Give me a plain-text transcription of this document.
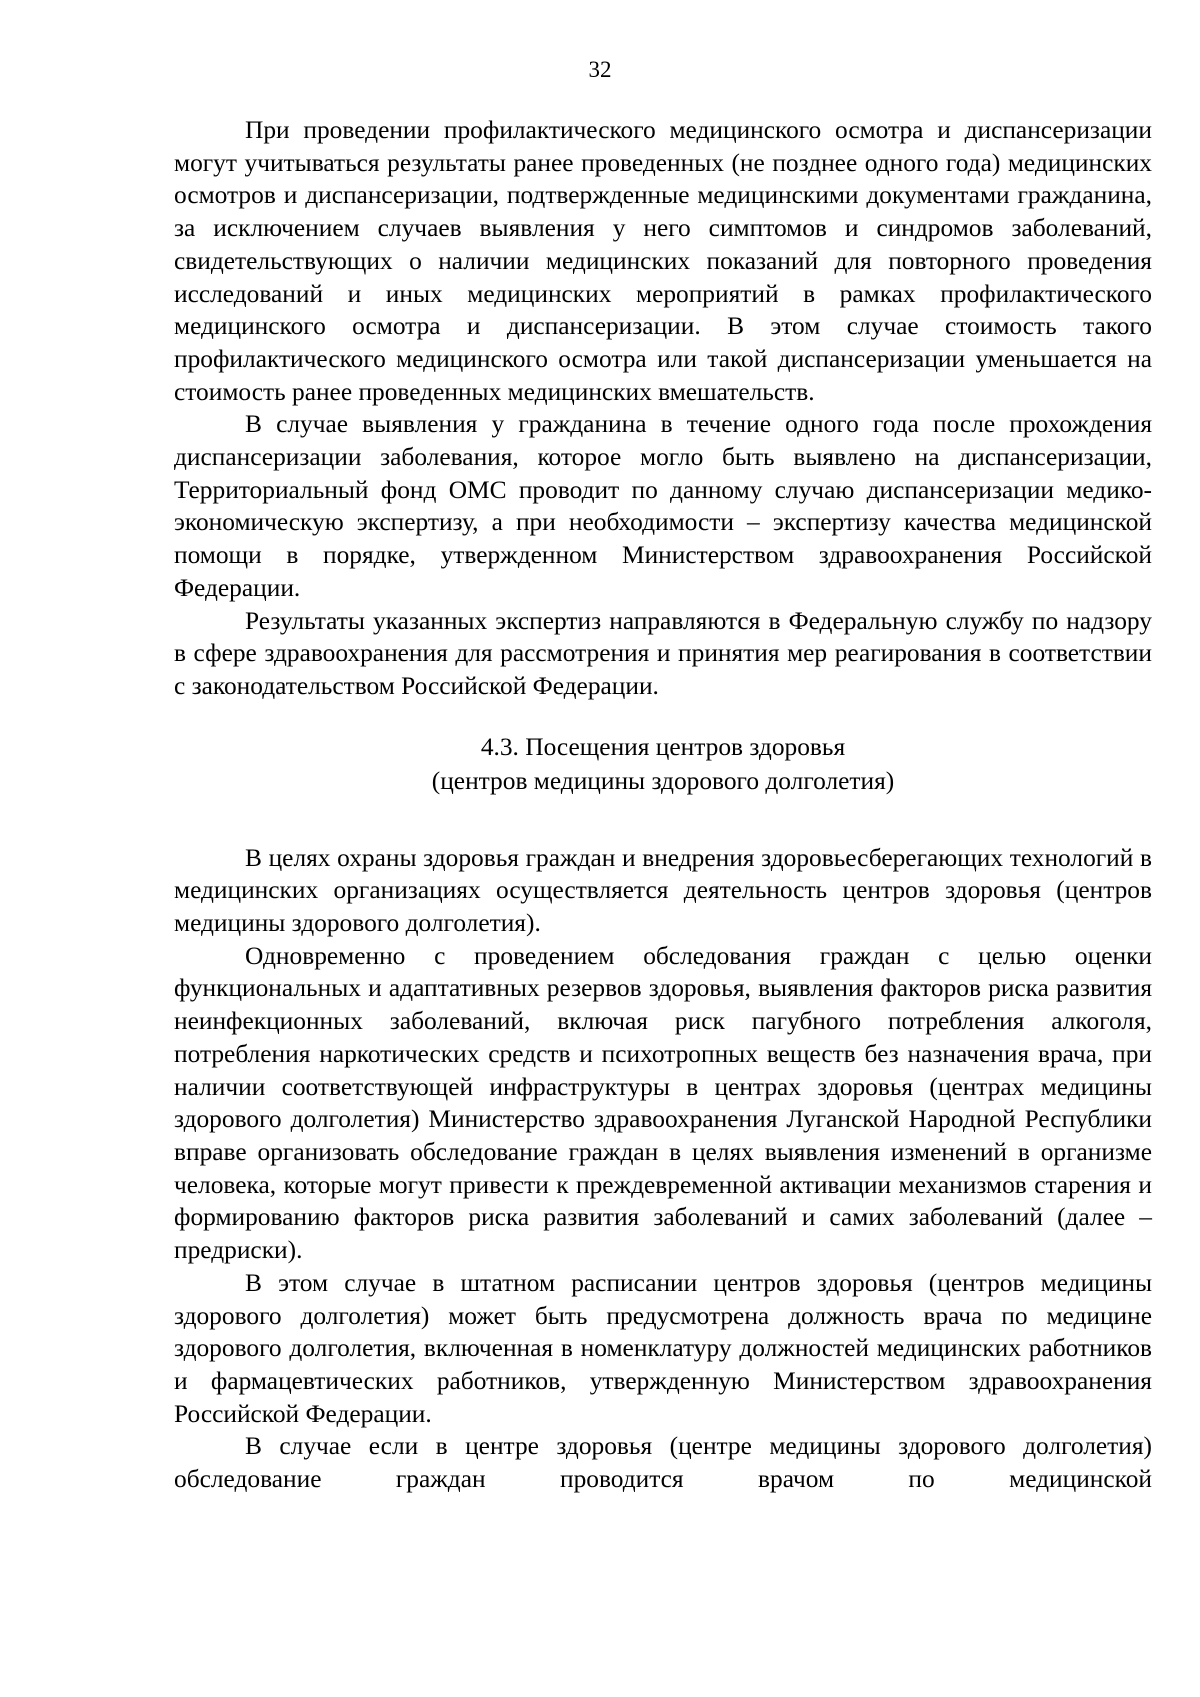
32

При проведении профилактического медицинского осмотра и диспансеризации могут учитываться результаты ранее проведенных (не позднее одного года) медицинских осмотров и диспансеризации, подтвержденные медицинскими документами гражданина, за исключением случаев выявления у него симптомов и синдромов заболеваний, свидетельствующих о наличии медицинских показаний для повторного проведения исследований и иных медицинских мероприятий в рамках профилактического медицинского осмотра и диспансеризации. В этом случае стоимость такого профилактического медицинского осмотра или такой диспансеризации уменьшается на стоимость ранее проведенных медицинских вмешательств.

В случае выявления у гражданина в течение одного года после прохождения диспансеризации заболевания, которое могло быть выявлено на диспансеризации, Территориальный фонд ОМС проводит по данному случаю диспансеризации медико-экономическую экспертизу, а при необходимости – экспертизу качества медицинской помощи в порядке, утвержденном Министерством здравоохранения Российской Федерации.

Результаты указанных экспертиз направляются в Федеральную службу по надзору в сфере здравоохранения для рассмотрения и принятия мер реагирования в соответствии с законодательством Российской Федерации.

4.3. Посещения центров здоровья
(центров медицины здорового долголетия)

В целях охраны здоровья граждан и внедрения здоровьесберегающих технологий в медицинских организациях осуществляется деятельность центров здоровья (центров медицины здорового долголетия).

Одновременно с проведением обследования граждан с целью оценки функциональных и адаптативных резервов здоровья, выявления факторов риска развития неинфекционных заболеваний, включая риск пагубного потребления алкоголя, потребления наркотических средств и психотропных веществ без назначения врача, при наличии соответствующей инфраструктуры в центрах здоровья (центрах медицины здорового долголетия) Министерство здравоохранения Луганской Народной Республики вправе организовать обследование граждан в целях выявления изменений в организме человека, которые могут привести к преждевременной активации механизмов старения и формированию факторов риска развития заболеваний и самих заболеваний (далее – предриски).

В этом случае в штатном расписании центров здоровья (центров медицины здорового долголетия) может быть предусмотрена должность врача по медицине здорового долголетия, включенная в номенклатуру должностей медицинских работников и фармацевтических работников, утвержденную Министерством здравоохранения Российской Федерации.

В случае если в центре здоровья (центре медицины здорового долголетия) обследование граждан проводится врачом по медицинской
